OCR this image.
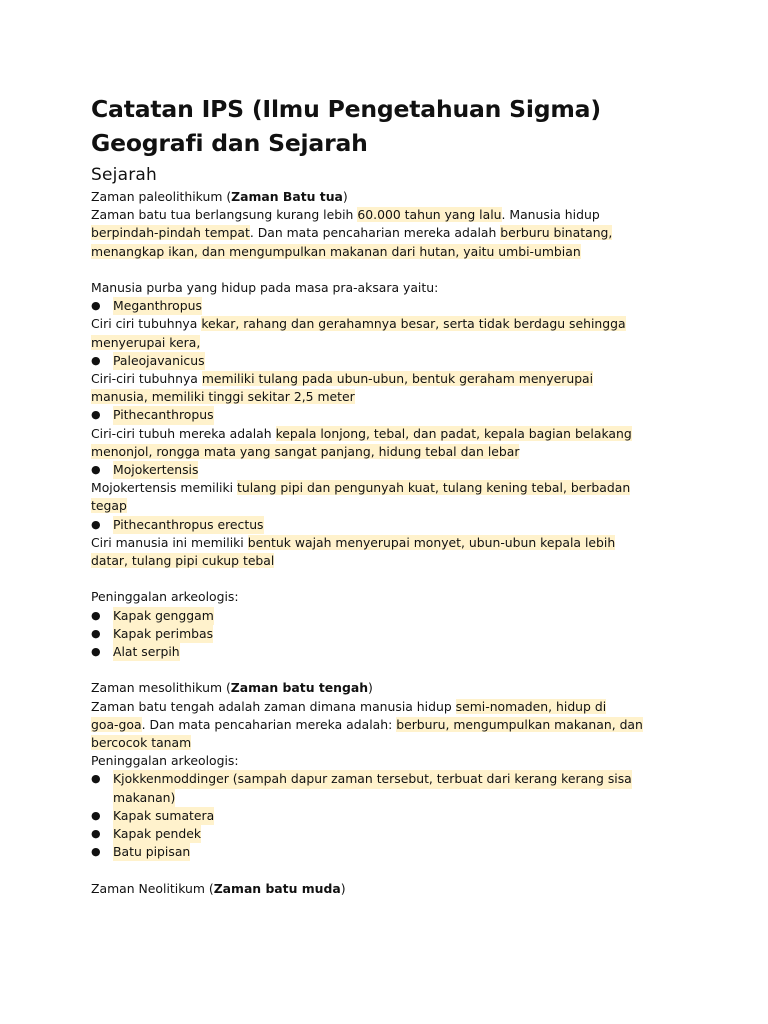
Catatan IPS (Ilmu Pengetahuan Sigma)
Geografi dan Sejarah
Sejarah

Zaman paleolithikum (Zaman Batu tua)

Zaman batu tua berlangsung kurang lebih 60.000 tahun yang lalu. Manusia hidup

berpindah-pindah tempat. Dan mata pencaharian mereka adalah berburu binatang,

menangkap ikan, dan mengumpulkan makanan dari hutan, yaitu umbi-umbian

Manusia purba yang hidup pada masa pra-aksara yaitu:

● Meganthropus

Ciri ciri tubuhnya kekar, rahang dan gerahamnya besar, serta tidak berdagu sehingga

menyerupai kera,

● Paleojavanicus

Ciri-ciri tubuhnya memiliki tulang pada ubun-ubun, bentuk geraham menyerupai

manusia, memiliki tinggi sekitar 2,5 meter

● Pithecanthropus

Ciri-ciri tubuh mereka adalah kepala lonjong, tebal, dan padat, kepala bagian belakang

menonjol, rongga mata yang sangat panjang, hidung tebal dan lebar

● Mojokertensis

Mojokertensis memiliki tulang pipi dan pengunyah kuat, tulang kening tebal, berbadan

tegap

● Pithecanthropus erectus

Ciri manusia ini memiliki bentuk wajah menyerupai monyet, ubun-ubun kepala lebih

datar, tulang pipi cukup tebal

Peninggalan arkeologis:

● Kapak genggam
● Kapak perimbas
● Alat serpih

Zaman mesolithikum (Zaman batu tengah)

Zaman batu tengah adalah zaman dimana manusia hidup semi-nomaden, hidup di

goa-goa. Dan mata pencaharian mereka adalah: berburu, mengumpulkan makanan, dan

bercocok tanam

Peninggalan arkeologis:

● Kjokkenmoddinger (sampah dapur zaman tersebut, terbuat dari kerang kerang sisa
makanan)
● Kapak sumatera
● Kapak pendek
● Batu pipisan

Zaman Neolitikum (Zaman batu muda)
